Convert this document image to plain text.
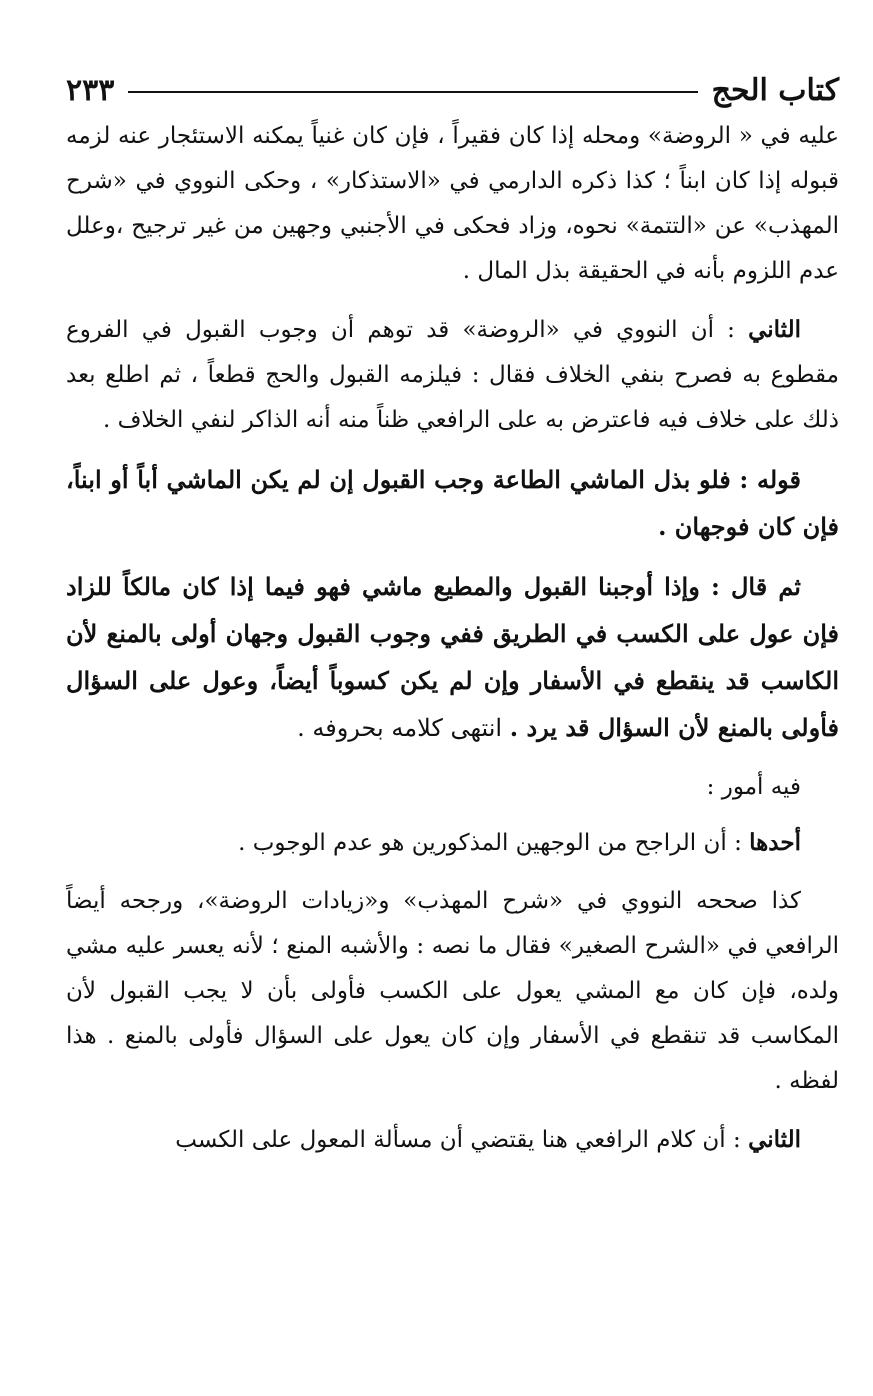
كتاب الحج
٢٣٣

عليه في « الروضة» ومحله إذا كان فقيراً ، فإن كان غنياً يمكنه الاستئجار عنه لزمه قبوله إذا كان ابناً ؛ كذا ذكره الدارمي في «الاستذكار» ، وحكى النووي في «شرح المهذب» عن «التتمة» نحوه، وزاد فحكى في الأجنبي وجهين من غير ترجيح ،وعلل عدم اللزوم بأنه في الحقيقة بذل المال .

الثاني : أن النووي في «الروضة» قد توهم أن وجوب القبول في الفروع مقطوع به فصرح بنفي الخلاف فقال : فيلزمه القبول والحج قطعاً ، ثم اطلع بعد ذلك على خلاف فيه فاعترض به على الرافعي ظناً منه أنه الذاكر لنفي الخلاف .

قوله : فلو بذل الماشي الطاعة وجب القبول إن لم يكن الماشي أباً أو ابناً، فإن كان فوجهان .

ثم قال : وإذا أوجبنا القبول والمطيع ماشي فهو فيما إذا كان مالكاً للزاد فإن عول على الكسب في الطريق ففي وجوب القبول وجهان أولى بالمنع لأن الكاسب قد ينقطع في الأسفار وإن لم يكن كسوباً أيضاً، وعول على السؤال فأولى بالمنع لأن السؤال قد يرد . انتهى كلامه بحروفه .

فيه أمور :

أحدها : أن الراجح من الوجهين المذكورين هو عدم الوجوب .

كذا صححه النووي في «شرح المهذب» و«زيادات الروضة»، ورجحه أيضاً الرافعي في «الشرح الصغير» فقال ما نصه : والأشبه المنع ؛ لأنه يعسر عليه مشي ولده، فإن كان مع المشي يعول على الكسب فأولى بأن لا يجب القبول لأن المكاسب قد تنقطع في الأسفار وإن كان يعول على السؤال فأولى بالمنع . هذا لفظه .

الثاني : أن كلام الرافعي هنا يقتضي أن مسألة المعول على الكسب
